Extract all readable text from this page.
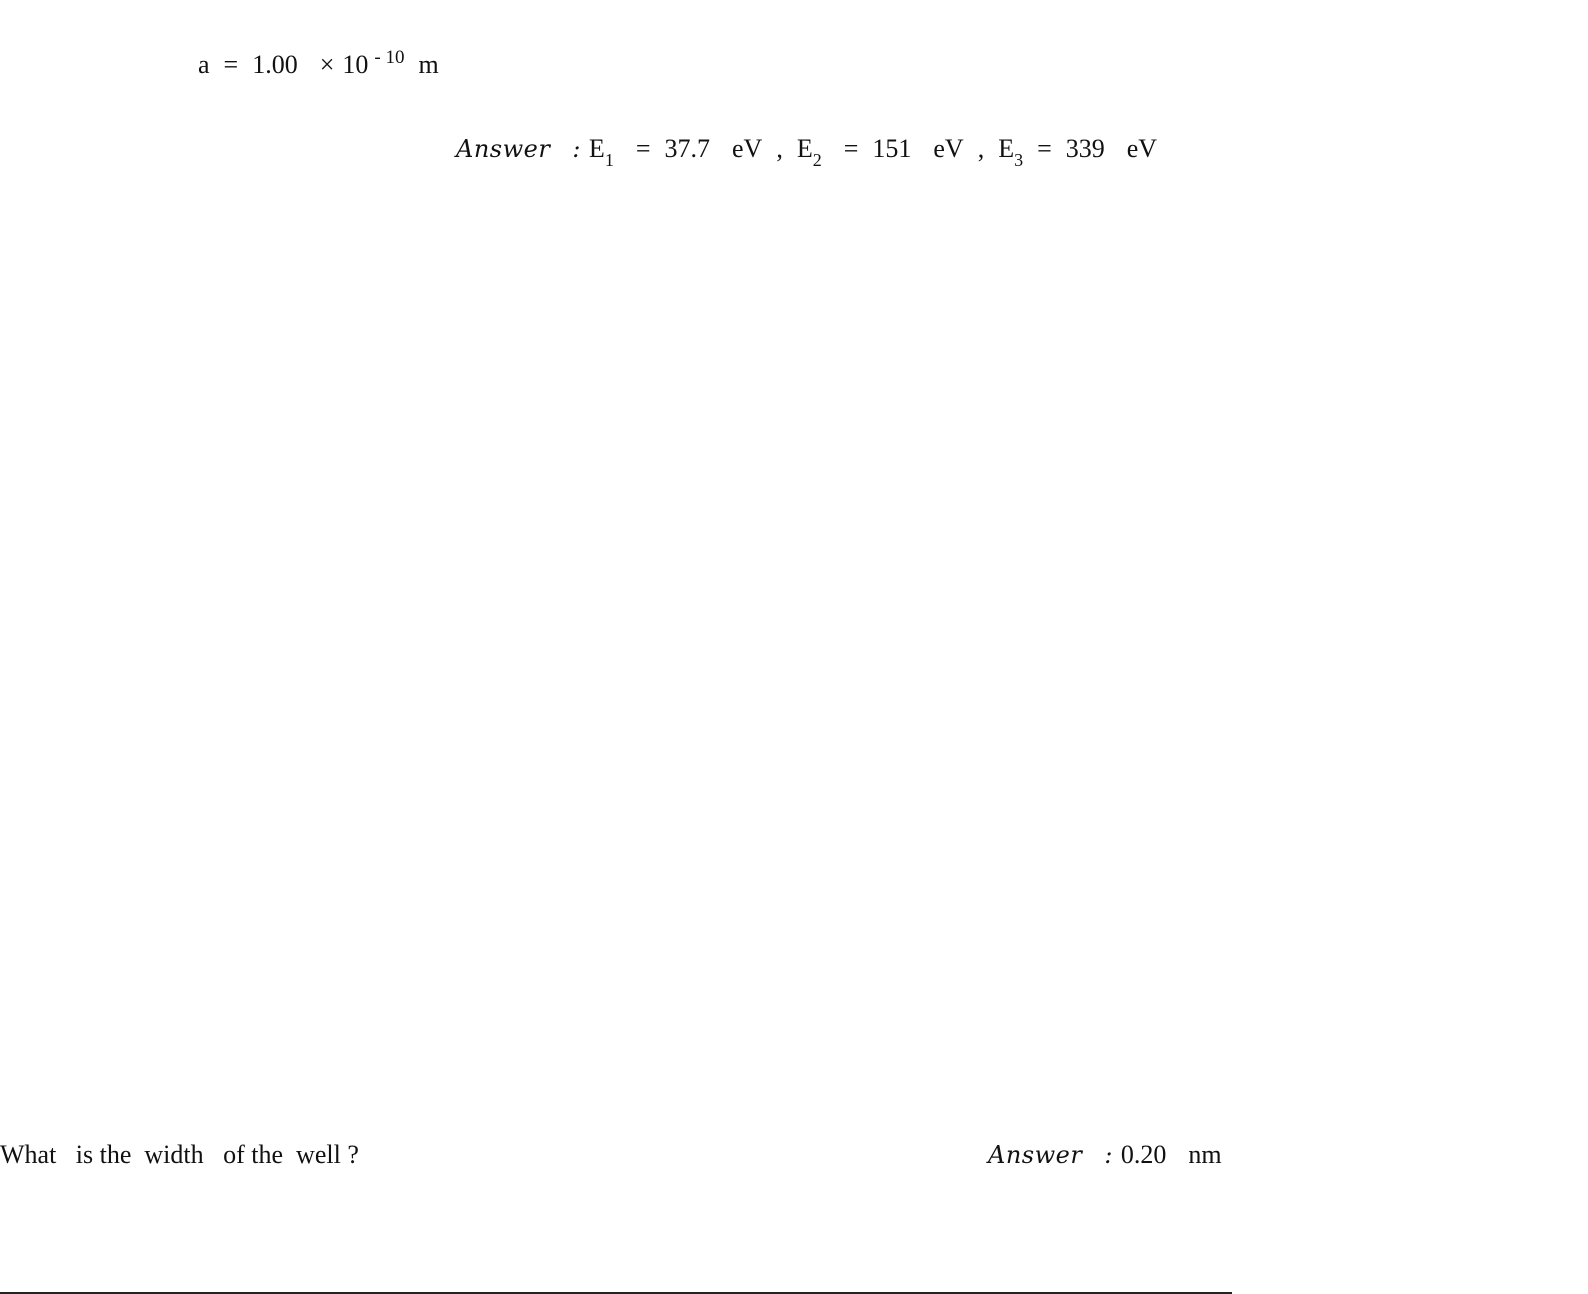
a = 1.00 × 10 $^{- 10}$ m
Answer : $E_1 = 37.7$ eV , $E_2 = 151$ eV , $E_3 = 339$ eV
What   is the  width   of the  well ?	Answer : 0.20 nm
